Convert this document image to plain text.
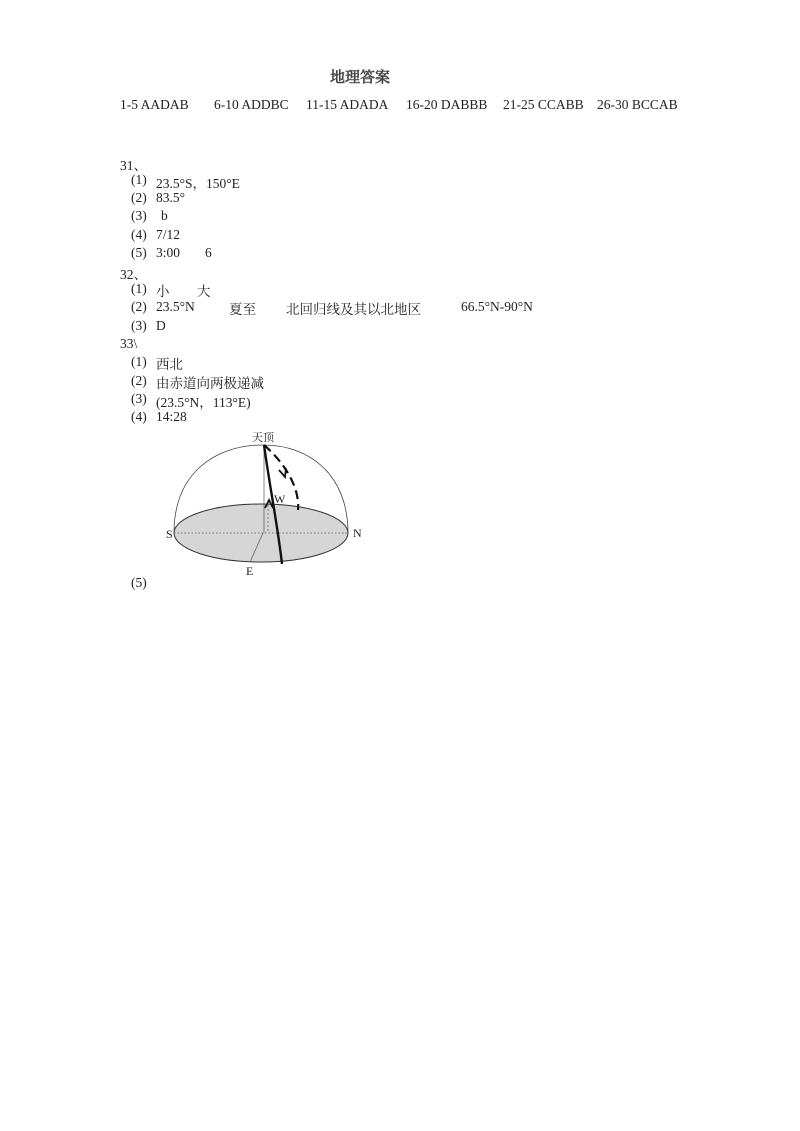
地理答案
1-5 AADAB 6-10 ADDBC 11-15 ADADA 16-20 DABBB 21-25 CCABB 26-30 BCCAB
31、
(1) 23.5°S，150°E
(2) 83.5°
(3) b
(4) 7/12
(5) 3:00 6
32、
(1) 小 大
(2) 23.5°N	夏至 北回归线及其以北地区	66.5°N-90°N
(3) D
33\
(1) 西北
(2) 由赤道向两极递减
(3) (23.5°N，113°E)
(4) 14:28
(5)
天顶
S	N
E
W
